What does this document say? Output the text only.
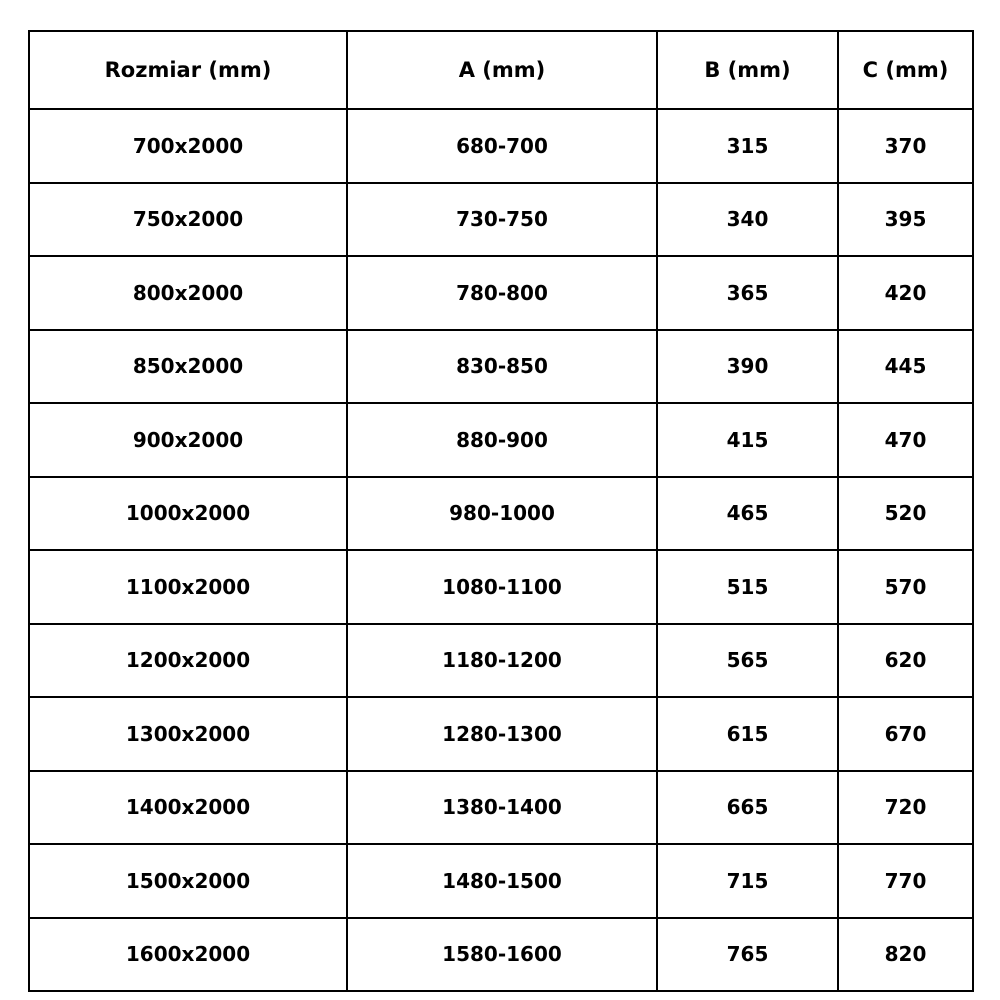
Rozmiar (mm)	A (mm)	B (mm)	C (mm)
700x2000	680-700	315	370
750x2000	730-750	340	395
800x2000	780-800	365	420
850x2000	830-850	390	445
900x2000	880-900	415	470
1000x2000	980-1000	465	520
1100x2000	1080-1100	515	570
1200x2000	1180-1200	565	620
1300x2000	1280-1300	615	670
1400x2000	1380-1400	665	720
1500x2000	1480-1500	715	770
1600x2000	1580-1600	765	820
